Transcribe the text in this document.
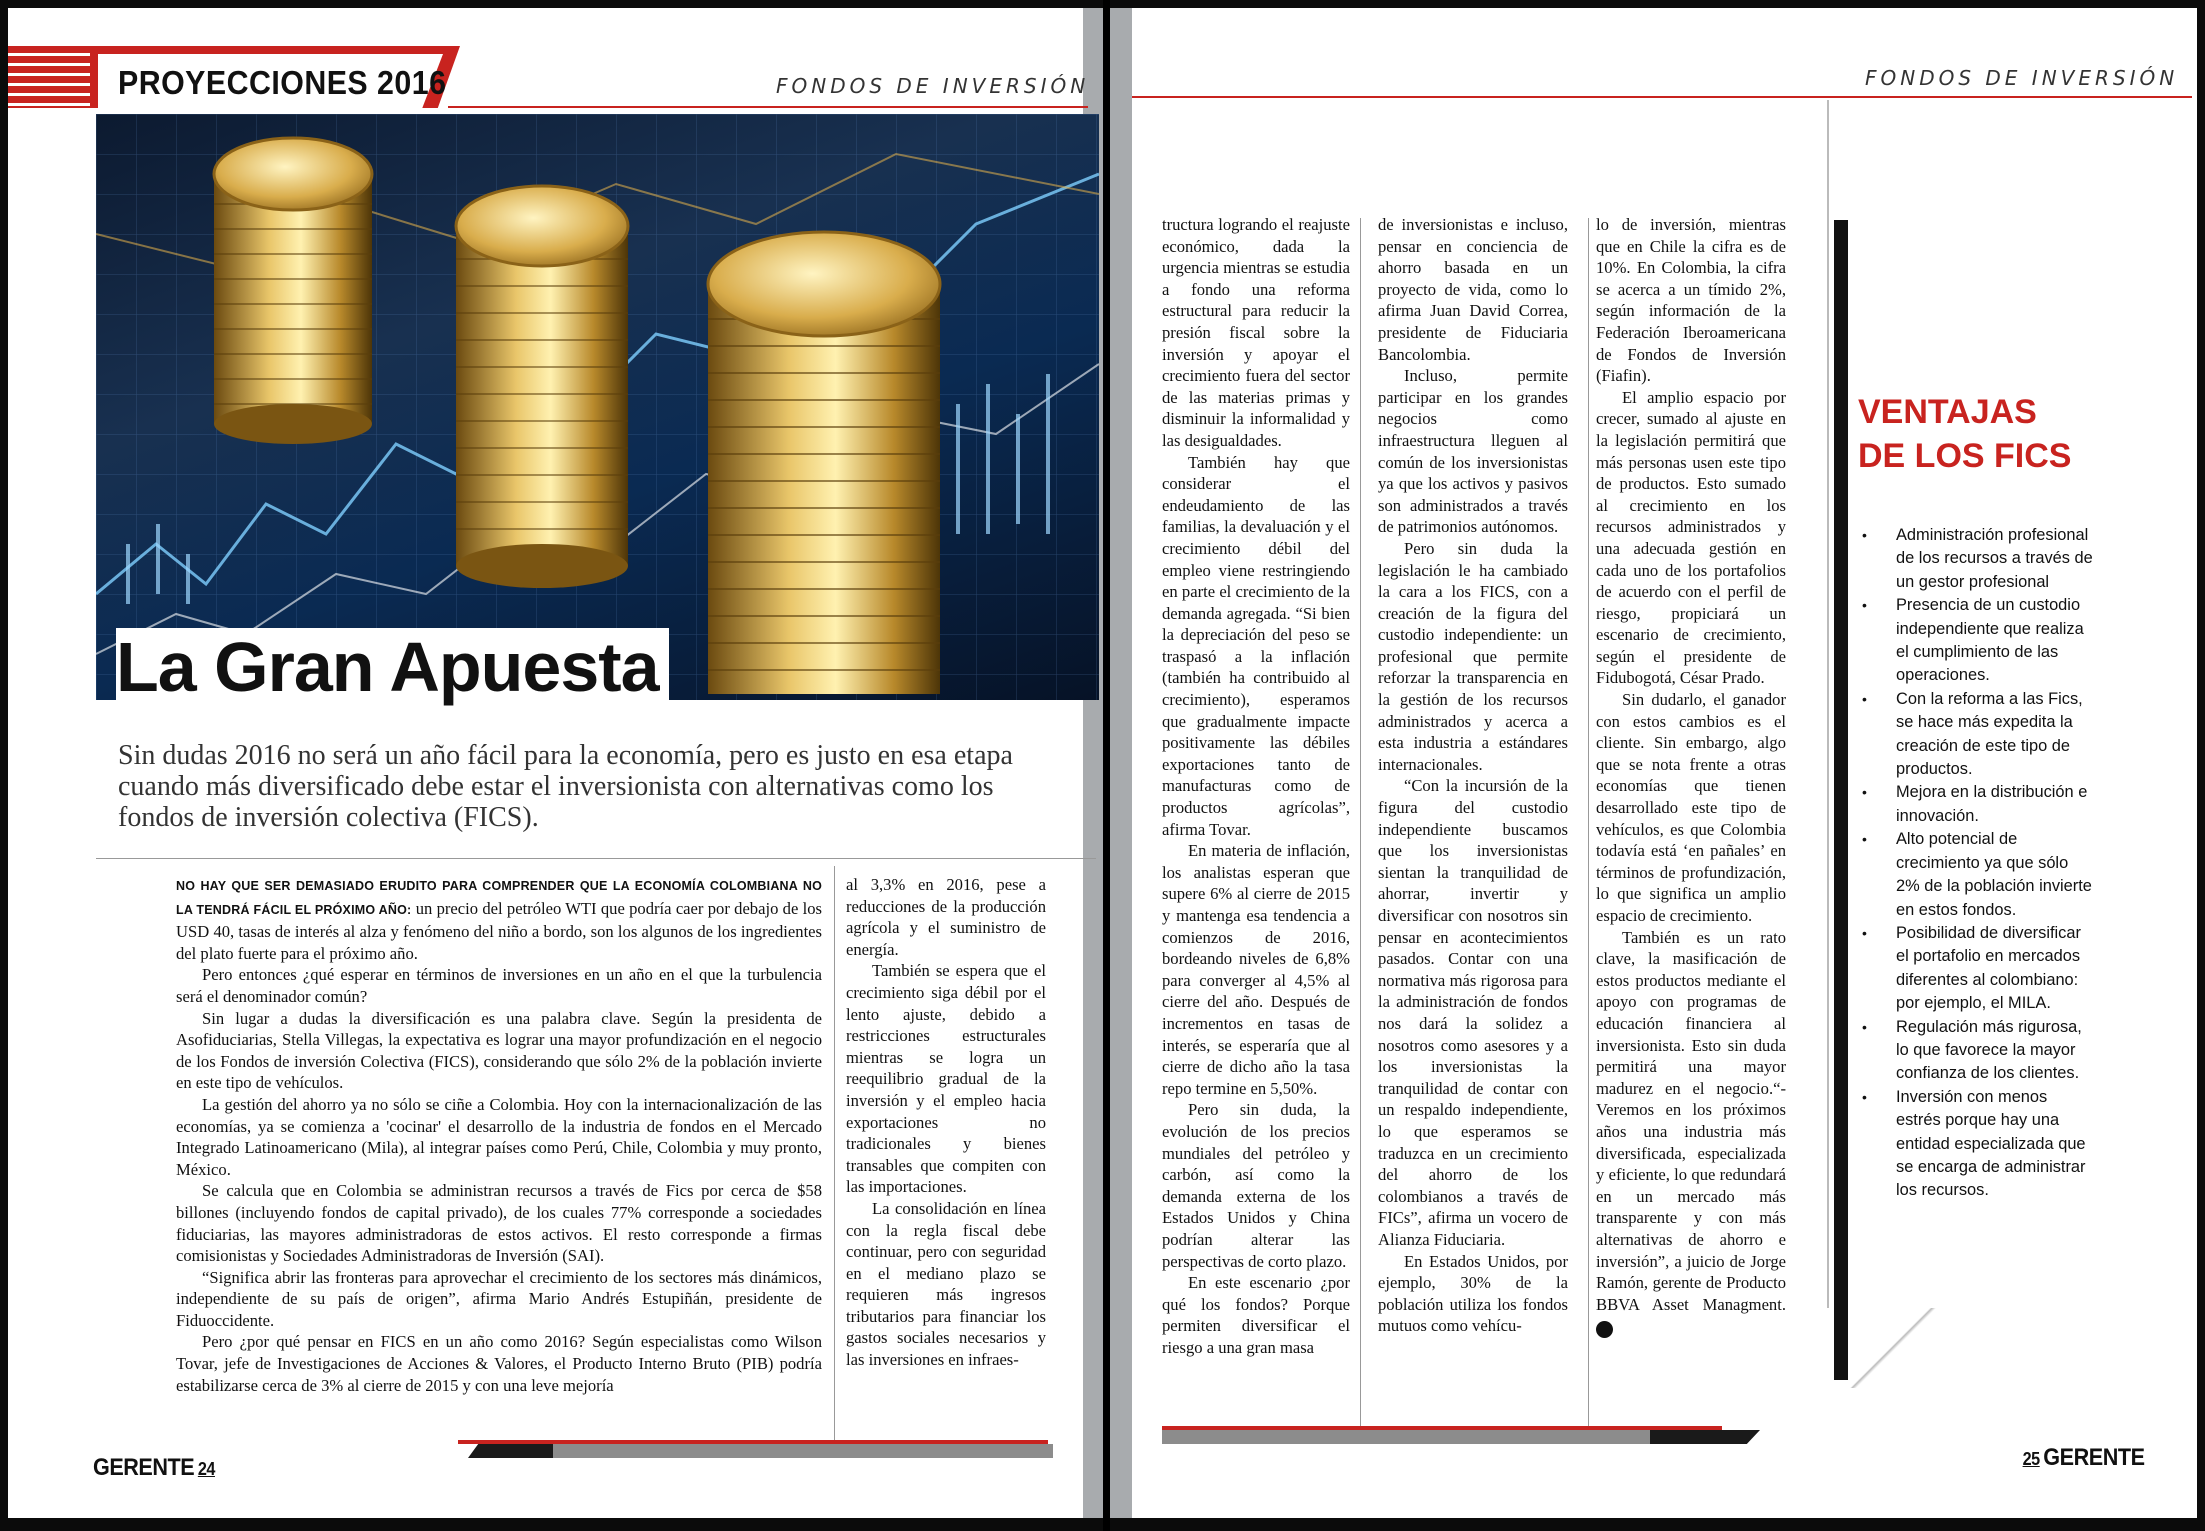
PROYECCIONES 2016	FONDOS DE INVERSIÓN
La Gran Apuesta
Sin dudas 2016 no será un año fácil para la economía, pero es justo en esa etapa cuando más diversificado debe estar el inversionista con alternativas como los fondos de inversión colectiva (FICS).

NO HAY QUE SER DEMASIADO ERUDITO PARA COMPRENDER QUE LA ECONOMÍA COLOMBIANA NO LA TENDRÁ FÁCIL EL PRÓXIMO AÑO: un precio del petróleo WTI que podría caer por debajo de los USD 40, tasas de interés al alza y fenómeno del niño a bordo, son los algunos de los ingredientes del plato fuerte para el próximo año.

Pero entonces ¿qué esperar en términos de inversiones en un año en el que la turbulencia será el denominador común?

Sin lugar a dudas la diversificación es una palabra clave. Según la presidenta de Asofiduciarias, Stella Villegas, la expectativa es lograr una mayor profundización en el negocio de los Fondos de inversión Colectiva (FICS), considerando que sólo 2% de la población invierte en este tipo de vehículos.

La gestión del ahorro ya no sólo se ciñe a Colombia. Hoy con la internacionalización de las economías, ya se comienza a 'cocinar' el desarrollo de la industria de fondos en el Mercado Integrado Latinoamericano (Mila), al integrar países como Perú, Chile, Colombia y muy pronto, México.

Se calcula que en Colombia se administran recursos a través de Fics por cerca de $58 billones (incluyendo fondos de capital privado), de los cuales 77% corresponde a sociedades fiduciarias, las mayores administradoras de estos activos. El resto corresponde a firmas comisionistas y Sociedades Administradoras de Inversión (SAI).

“Significa abrir las fronteras para aprovechar el crecimiento de los sectores más dinámicos, independiente de su país de origen”, afirma Mario Andrés Estupiñán, presidente de Fiduoccidente.

Pero ¿por qué pensar en FICS en un año como 2016? Según especialistas como Wilson Tovar, jefe de Investigaciones de Acciones & Valores, el Producto Interno Bruto (PIB) podría estabilizarse cerca de 3% al cierre de 2015 y con una leve mejoría

al 3,3% en 2016, pese a reducciones de la producción agrícola y el suministro de energía.

También se espera que el crecimiento siga débil por el lento ajuste, debido a restricciones estructurales mientras se logra un reequilibrio gradual de la inversión y el empleo hacia exportaciones no tradicionales y bienes transables que compiten con las importaciones.

La consolidación en línea con la regla fiscal debe continuar, pero con seguridad en el mediano plazo se requieren más ingresos tributarios para financiar los gastos sociales necesarios y las inversiones en infraes-

GERENTE 24
FONDOS DE INVERSIÓN

tructura logrando el reajuste económico, dada la urgencia mientras se estudia a fondo una reforma estructural para reducir la presión fiscal sobre la inversión y apoyar el crecimiento fuera del sector de las materias primas y disminuir la informalidad y las desigualdades.

También hay que considerar el endeudamiento de las familias, la devaluación y el crecimiento débil del empleo viene restringiendo en parte el crecimiento de la demanda agregada. “Si bien la depreciación del peso se traspasó a la inflación (también ha contribuido al crecimiento), esperamos que gradualmente impacte positivamente las débiles exportaciones tanto de manufacturas como de productos agrícolas”, afirma Tovar.

En materia de inflación, los analistas esperan que supere 6% al cierre de 2015 y mantenga esa tendencia a comienzos de 2016, bordeando niveles de 6,8% para converger al 4,5% al cierre del año. Después de incrementos en tasas de interés, se esperaría que al cierre de dicho año la tasa repo termine en 5,50%.

Pero sin duda, la evolución de los precios mundiales del petróleo y carbón, así como la demanda externa de los Estados Unidos y China podrían alterar las perspectivas de corto plazo.

En este escenario ¿por qué los fondos? Porque permiten diversificar el riesgo a una gran masa

de inversionistas e incluso, pensar en conciencia de ahorro basada en un proyecto de vida, como lo afirma Juan David Correa, presidente de Fiduciaria Bancolombia.

Incluso, permite participar en los grandes negocios como infraestructura lleguen al común de los inversionistas ya que los activos y pasivos son administrados a través de patrimonios autónomos.

Pero sin duda la legislación le ha cambiado la cara a los FICS, con a creación de la figura del custodio independiente: un profesional que permite reforzar la transparencia en la gestión de los recursos administrados y acerca a esta industria a estándares internacionales.

“Con la incursión de la figura del custodio independiente buscamos que los inversionistas sientan la tranquilidad de ahorrar, invertir y diversificar con nosotros sin pensar en acontecimientos pasados. Contar con una normativa más rigorosa para la administración de fondos nos dará la solidez a nosotros como asesores y a los inversionistas la tranquilidad de contar con un respaldo independiente, lo que esperamos se traduzca en un crecimiento del ahorro de los colombianos a través de FICs”, afirma un vocero de Alianza Fiduciaria.

En Estados Unidos, por ejemplo, 30% de la población utiliza los fondos mutuos como vehícu-

lo de inversión, mientras que en Chile la cifra es de 10%. En Colombia, la cifra se acerca a un tímido 2%, según información de la Federación Iberoamericana de Fondos de Inversión (Fiafin).

El amplio espacio por crecer, sumado al ajuste en la legislación permitirá que más personas usen este tipo de productos. Esto sumado al crecimiento en los recursos administrados y una adecuada gestión en cada uno de los portafolios de acuerdo con el perfil de riesgo, propiciará un escenario de crecimiento, según el presidente de Fidubogotá, César Prado.

Sin dudarlo, el ganador con estos cambios es el cliente. Sin embargo, algo que se nota frente a otras economías que tienen desarrollado este tipo de vehículos, es que Colombia todavía está ‘en pañales’ en términos de profundización, lo que significa un amplio espacio de crecimiento.

También es un rato clave, la masificación de estos productos mediante el apoyo con programas de educación financiera al inversionista. Esto sin duda permitirá una mayor madurez en el negocio.“-Veremos en los próximos años una industria más diversificada, especializada y eficiente, lo que redundará en un mercado más transparente y con más alternativas de ahorro e inversión”, a juicio de Jorge Ramón, gerente de Producto BBVA Asset Managment. G

25 GERENTE
VENTAJAS
DE LOS FICS
• Administración profesional de los recursos a través de un gestor profesional
• Presencia de un custodio independiente que realiza el cumplimiento de las operaciones.
• Con la reforma a las Fics, se hace más expedita la creación de este tipo de productos.
• Mejora en la distribución e innovación.
• Alto potencial de crecimiento ya que sólo 2% de la población invierte en estos fondos.
• Posibilidad de diversificar el portafolio en mercados diferentes al colombiano: por ejemplo, el MILA.
• Regulación más rigurosa, lo que favorece la mayor confianza de los clientes.
• Inversión con menos estrés porque hay una entidad especializada que se encarga de administrar los recursos.
